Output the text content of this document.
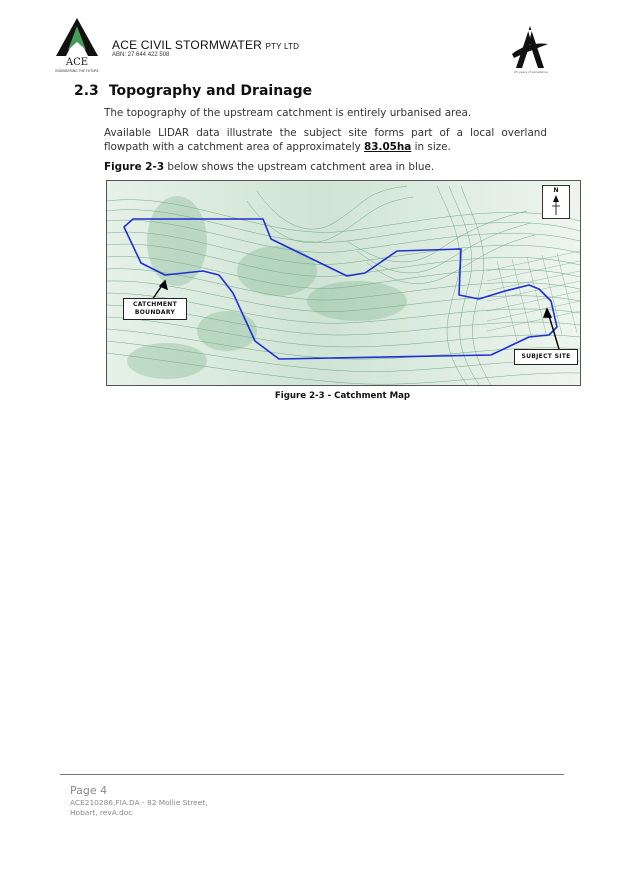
ACE
ENGINEERING THE FUTURE
ACE CIVIL STORMWATER PTY LTD
ABN: 27 644 422 508
25 years of excellence
2.3 Topography and Drainage
The topography of the upstream catchment is entirely urbanised area.
Available LIDAR data illustrate the subject site forms part of a local overland flowpath with a catchment area of approximately 83.05ha in size.
Figure 2-3 below shows the upstream catchment area in blue.
N
CATCHMENT
BOUNDARY
SUBJECT SITE
Figure 2-3 - Catchment Map
Page 4
ACE210286,FIA.DA - 82 Mollie Street,
Hobart, revA.doc
